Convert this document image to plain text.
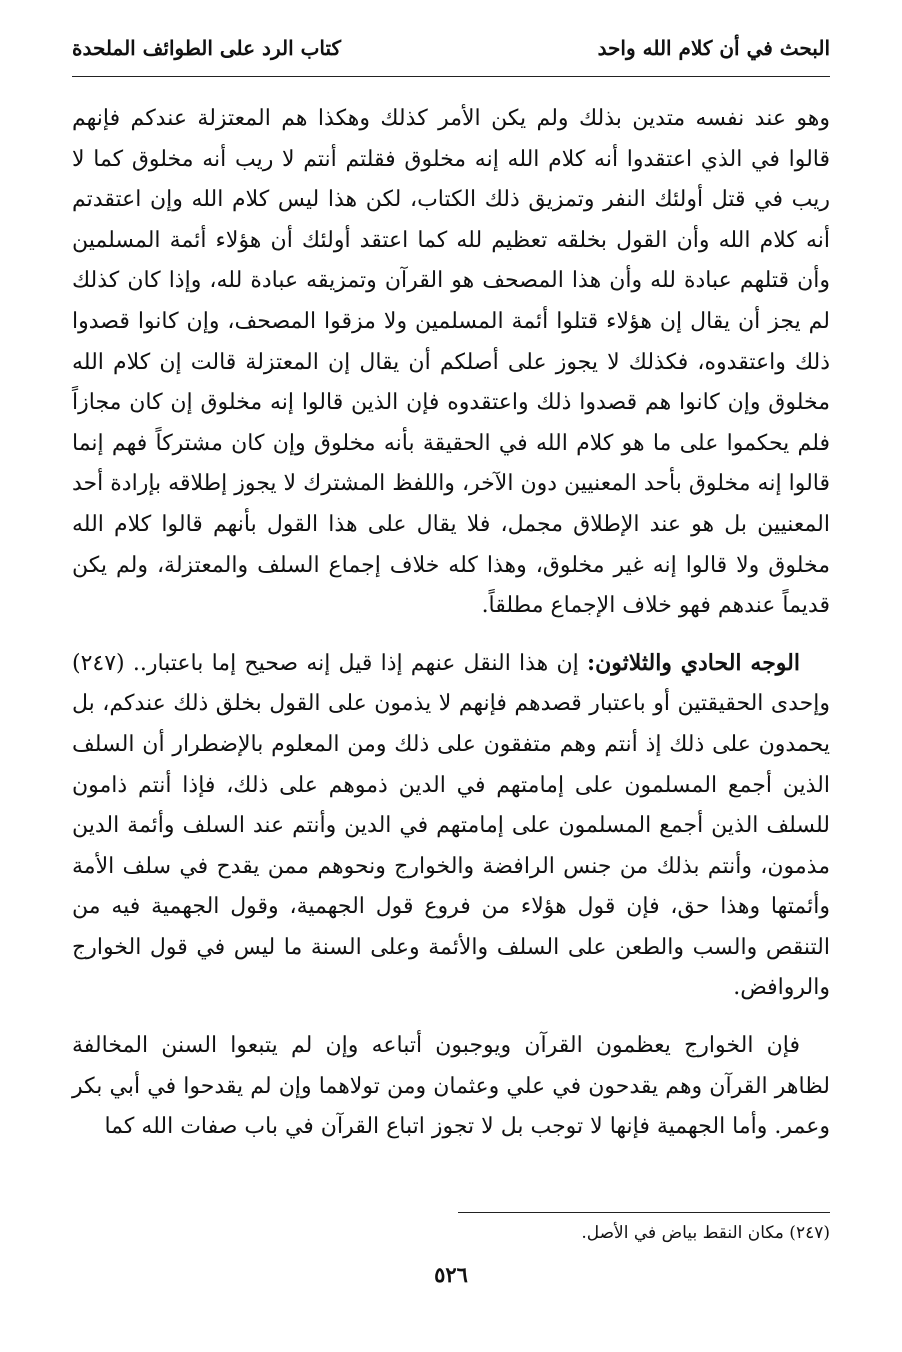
البحث في أن كلام الله واحد
كتاب الرد على الطوائف الملحدة

وهو عند نفسه متدين بذلك ولم يكن الأمر كذلك وهكذا هم المعتزلة عندكم فإنهم قالوا في الذي اعتقدوا أنه كلام الله إنه مخلوق فقلتم أنتم لا ريب أنه مخلوق كما لا ريب في قتل أولئك النفر وتمزيق ذلك الكتاب، لكن هذا ليس كلام الله وإن اعتقدتم أنه كلام الله وأن القول بخلقه تعظيم لله كما اعتقد أولئك أن هؤلاء أئمة المسلمين وأن قتلهم عبادة لله وأن هذا المصحف هو القرآن وتمزيقه عبادة لله، وإذا كان كذلك لم يجز أن يقال إن هؤلاء قتلوا أئمة المسلمين ولا مزقوا المصحف، وإن كانوا قصدوا ذلك واعتقدوه، فكذلك لا يجوز على أصلكم أن يقال إن المعتزلة قالت إن كلام الله مخلوق وإن كانوا هم قصدوا ذلك واعتقدوه فإن الذين قالوا إنه مخلوق إن كان مجازاً فلم يحكموا على ما هو كلام الله في الحقيقة بأنه مخلوق وإن كان مشتركاً فهم إنما قالوا إنه مخلوق بأحد المعنيين دون الآخر، واللفظ المشترك لا يجوز إطلاقه بإرادة أحد المعنيين بل هو عند الإطلاق مجمل، فلا يقال على هذا القول بأنهم قالوا كلام الله مخلوق ولا قالوا إنه غير مخلوق، وهذا كله خلاف إجماع السلف والمعتزلة، ولم يكن قديماً عندهم فهو خلاف الإجماع مطلقاً.

الوجه الحادي والثلاثون: إن هذا النقل عنهم إذا قيل إنه صحيح إما باعتبار.. (٢٤٧) وإحدى الحقيقتين أو باعتبار قصدهم فإنهم لا يذمون على القول بخلق ذلك عندكم، بل يحمدون على ذلك إذ أنتم وهم متفقون على ذلك ومن المعلوم بالإضطرار أن السلف الذين أجمع المسلمون على إمامتهم في الدين ذموهم على ذلك، فإذا أنتم ذامون للسلف الذين أجمع المسلمون على إمامتهم في الدين وأنتم عند السلف وأئمة الدين مذمون، وأنتم بذلك من جنس الرافضة والخوارج ونحوهم ممن يقدح في سلف الأمة وأئمتها وهذا حق، فإن قول هؤلاء من فروع قول الجهمية، وقول الجهمية فيه من التنقص والسب والطعن على السلف والأئمة وعلى السنة ما ليس في قول الخوارج والروافض.

فإن الخوارج يعظمون القرآن ويوجبون أتباعه وإن لم يتبعوا السنن المخالفة لظاهر القرآن وهم يقدحون في علي وعثمان ومن تولاهما وإن لم يقدحوا في أبي بكر وعمر. وأما الجهمية فإنها لا توجب بل لا تجوز اتباع القرآن في باب صفات الله كما

(٢٤٧) مكان النقط بياض في الأصل.
٥٢٦
